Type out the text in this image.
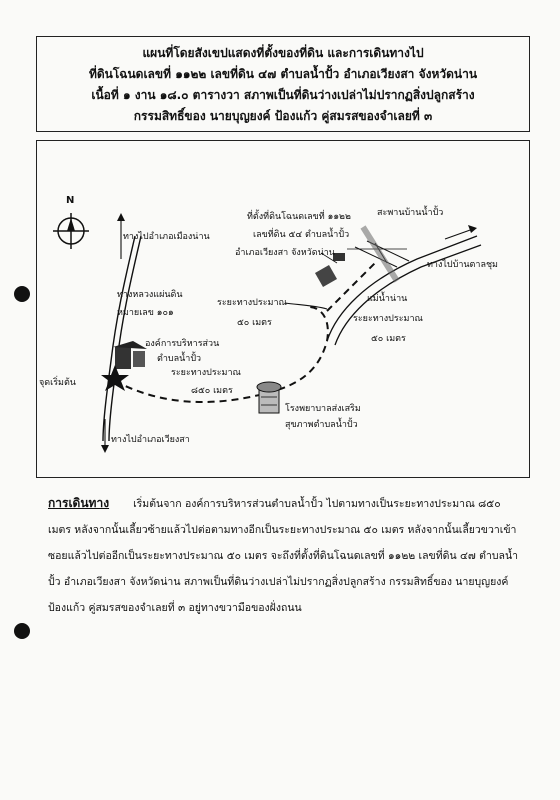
แผนที่โดยสังเขปแสดงที่ตั้งของที่ดิน และการเดินทางไป
ที่ดินโฉนดเลขที่ ๑๑๒๒ เลขที่ดิน ๔๗ ตำบลน้ำปั้ว อำเภอเวียงสา จังหวัดน่าน
เนื้อที่ ๑ งาน ๑๘.๐ ตารางวา สภาพเป็นที่ดินว่างเปล่าไม่ปรากฏสิ่งปลูกสร้าง
กรรมสิทธิ์ของ นายบุญยงค์ ป้องแก้ว คู่สมรสของจำเลยที่ ๓
N
ทางไปอำเภอเมืองน่าน
ทางหลวงแผ่นดิน
หมายเลข ๑๐๑
องค์การบริหารส่วน
ตำบลน้ำปั้ว
จุดเริ่มต้น
ระยะทางประมาณ
๘๕๐ เมตร
ทางไปอำเภอเวียงสา
โรงพยาบาลส่งเสริม
สุขภาพตำบลน้ำปั้ว
ระยะทางประมาณ
๕๐ เมตร	ระยะทางประมาณ
๕๐ เมตร
ที่ตั้งที่ดินโฉนดเลขที่ ๑๑๒๒
เลขที่ดิน ๕๔ ตำบลน้ำปั้ว
อำเภอเวียงสา จังหวัดน่าน
สะพานบ้านน้ำปั้ว
ทางไปบ้านตาลชุม
แม่น้ำน่าน
การเดินทาง เริ่มต้นจาก องค์การบริหารส่วนตำบลน้ำปั้ว ไปตามทางเป็นระยะทางประมาณ ๘๕๐ เมตร หลังจากนั้นเลี้ยวซ้ายแล้วไปต่อตามทางอีกเป็นระยะทางประมาณ ๕๐ เมตร หลังจากนั้นเลี้ยวขวาเข้าซอยแล้วไปต่ออีกเป็นระยะทางประมาณ ๕๐ เมตร จะถึงที่ตั้งที่ดินโฉนดเลขที่ ๑๑๒๒ เลขที่ดิน ๔๗ ตำบลน้ำปั้ว อำเภอเวียงสา จังหวัดน่าน สภาพเป็นที่ดินว่างเปล่าไม่ปรากฏสิ่งปลูกสร้าง กรรมสิทธิ์ของ นายบุญยงค์ ป้องแก้ว คู่สมรสของจำเลยที่ ๓ อยู่ทางขวามือของฝั่งถนน
